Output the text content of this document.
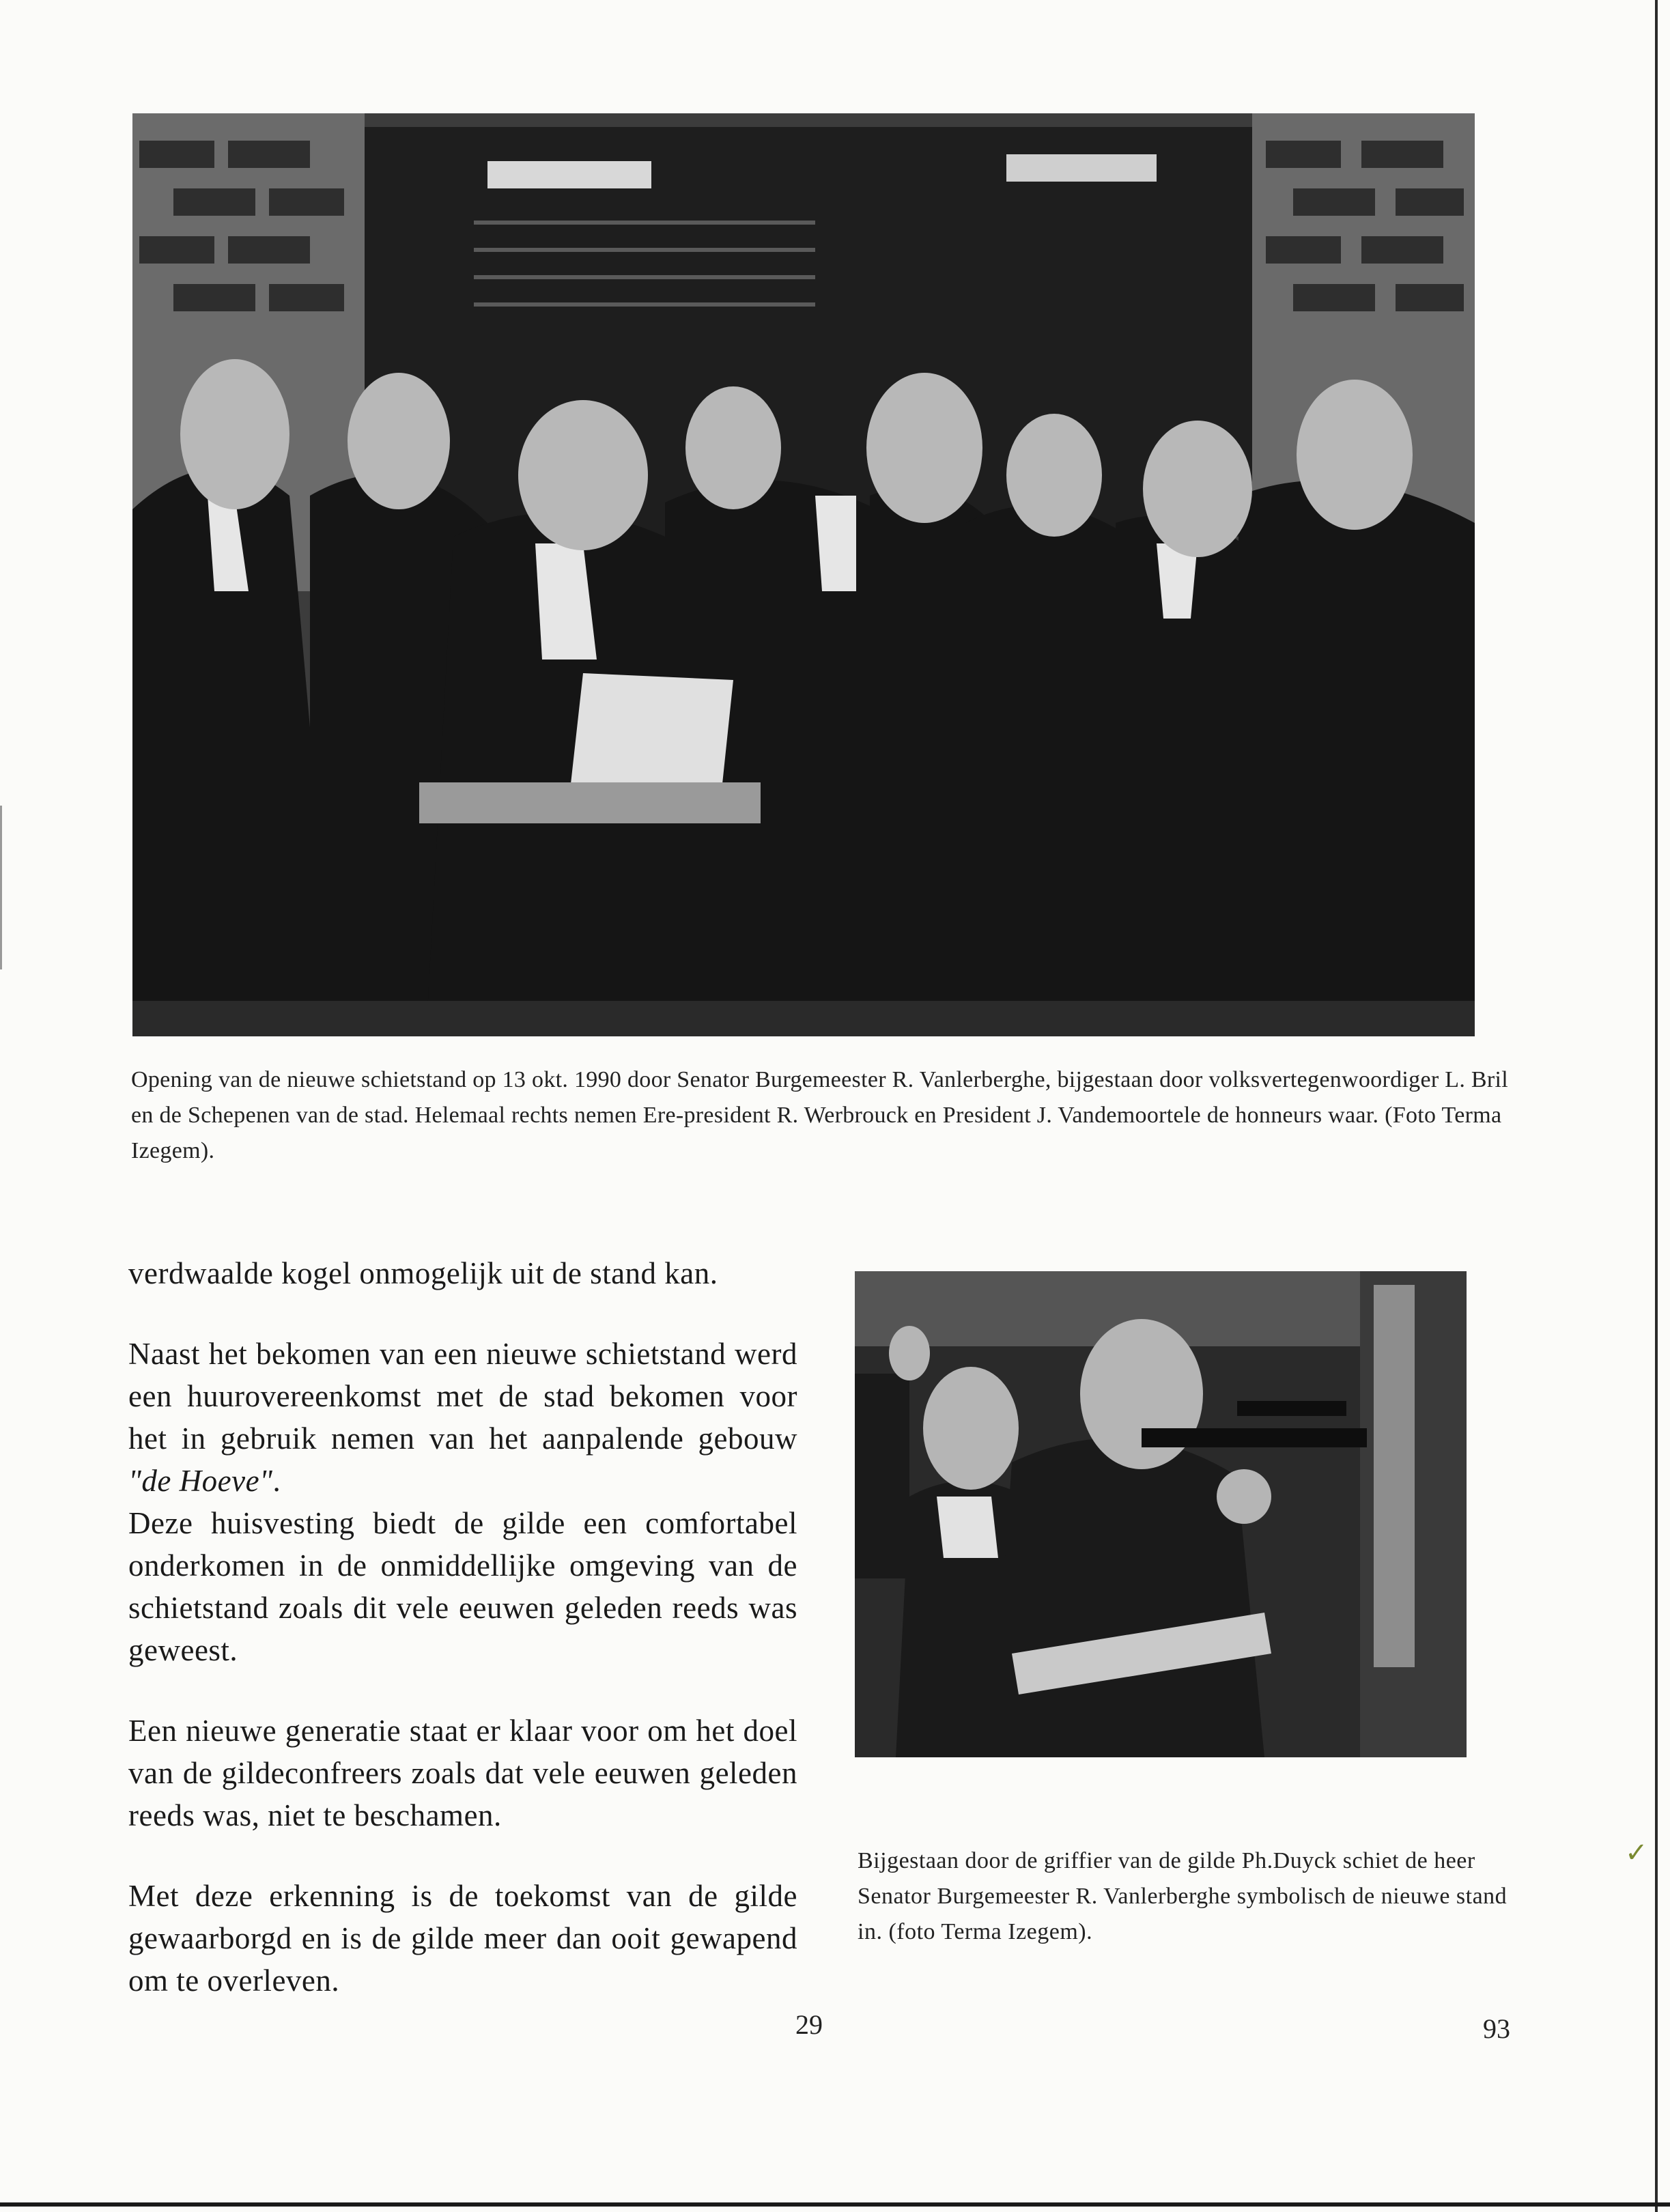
Opening van de nieuwe schietstand op 13 okt. 1990 door Senator Burgemeester R. Vanlerberghe, bijgestaan door volksvertegenwoordiger L. Bril en de Schepenen van de stad. Helemaal rechts nemen Ere-president R. Werbrouck en President J. Vandemoortele de honneurs waar. (Foto Terma Izegem).

verdwaalde kogel onmogelijk uit de stand kan.

Naast het bekomen van een nieuwe schietstand werd een huurovereenkomst met de stad bekomen voor het in gebruik nemen van het aanpalende gebouw "de Hoeve".

Deze huisvesting biedt de gilde een comfortabel onderkomen in de onmiddellijke omgeving van de schietstand zoals dit vele eeuwen geleden reeds was geweest.

Een nieuwe generatie staat er klaar voor om het doel van de gildeconfreers zoals dat vele eeuwen geleden reeds was, niet te beschamen.

Met deze erkenning is de toekomst van de gilde gewaarborgd en is de gilde meer dan ooit gewapend om te overleven.

Bijgestaan door de griffier van de gilde Ph.Duyck schiet de heer Senator Burgemeester R. Vanlerberghe symbolisch de nieuwe stand in. (foto Terma Izegem).
29	93
✓
